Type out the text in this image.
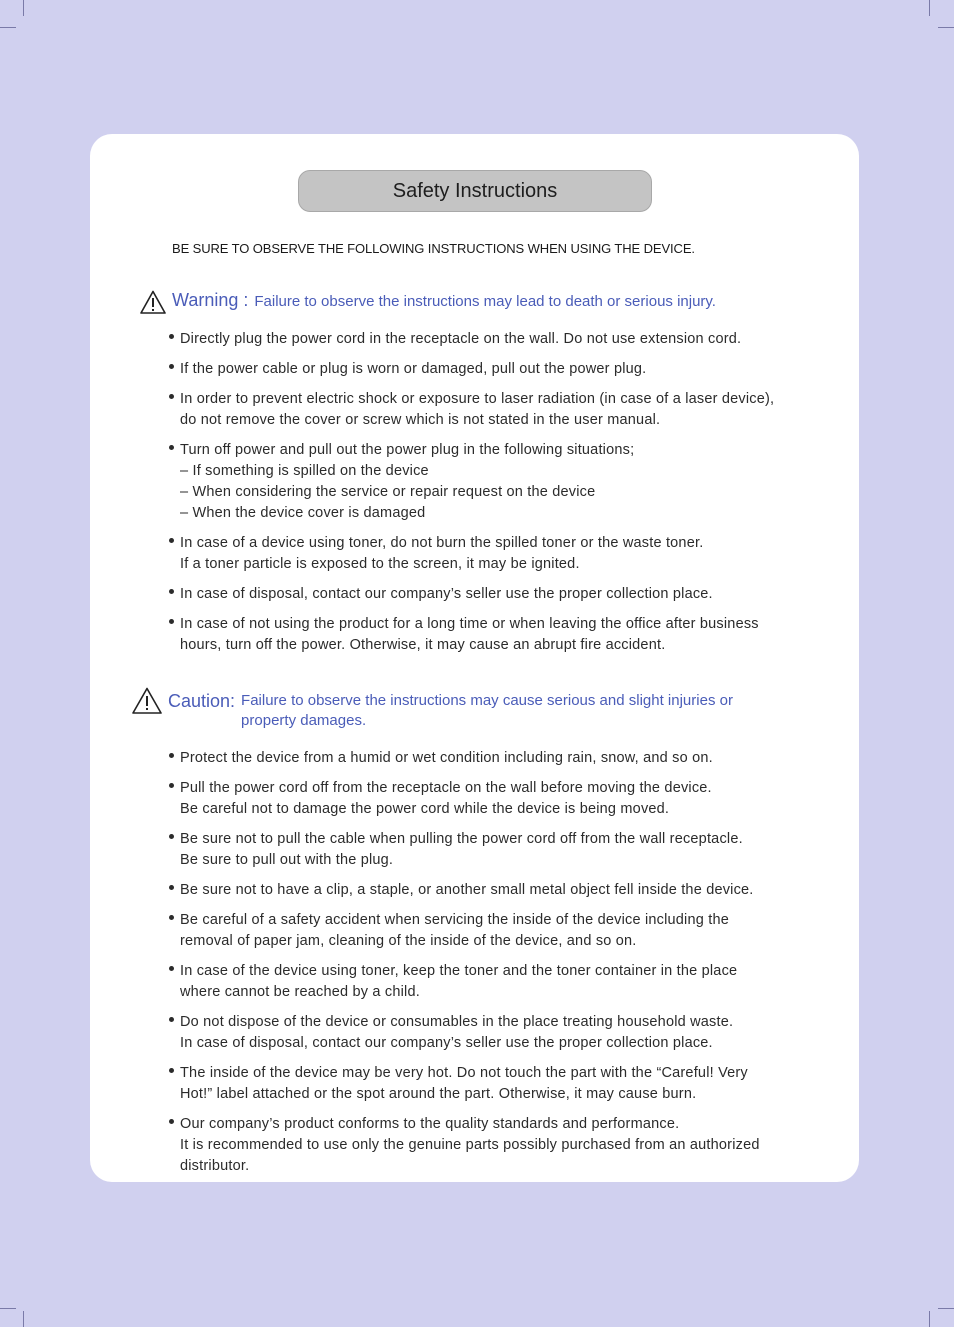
Safety Instructions
BE SURE TO OBSERVE THE FOLLOWING INSTRUCTIONS WHEN USING THE DEVICE.
Warning : Failure to observe the instructions may lead to death or serious injury.
Directly plug the power cord in the receptacle on the wall. Do not use extension cord.
If the power cable or plug is worn or damaged, pull out the power plug.
In order to prevent electric shock or exposure to laser radiation (in case of a laser device),
do not remove the cover or screw which is not stated in the user manual.
Turn off power and pull out the power plug in the following situations;
– If something is spilled on the device
– When considering the service or repair request on the device
– When the device cover is damaged
In case of a device using toner, do not burn the spilled toner or the waste toner.
If a toner particle is exposed to the screen, it may be ignited.
In case of disposal, contact our company’s seller use the proper collection place.
In case of not using the product for a long time or when leaving the office after business
hours, turn off the power. Otherwise, it may cause an abrupt fire accident.
Caution: Failure to observe the instructions may cause serious and slight injuries or property damages.
Protect the device from a humid or wet condition including rain, snow, and so on.
Pull the power cord off from the receptacle on the wall before moving the device.
Be careful not to damage the power cord while the device is being moved.
Be sure not to pull the cable when pulling the power cord off from the wall receptacle.
Be sure to pull out with the plug.
Be sure not to have a clip, a staple, or another small metal object fell inside the device.
Be careful of a safety accident when servicing the inside of the device including the
removal of paper jam, cleaning of the inside of the device, and so on.
In case of the device using toner, keep the toner and the toner container in the place
where cannot be reached by a child.
Do not dispose of the device or consumables in the place treating household waste.
In case of disposal, contact our company’s seller use the proper collection place.
The inside of the device may be very hot. Do not touch the part with the “Careful! Very
Hot!” label attached or the spot around the part. Otherwise, it may cause burn.
Our company’s product conforms to the quality standards and performance.
It is recommended to use only the genuine parts possibly purchased from an authorized
distributor.
